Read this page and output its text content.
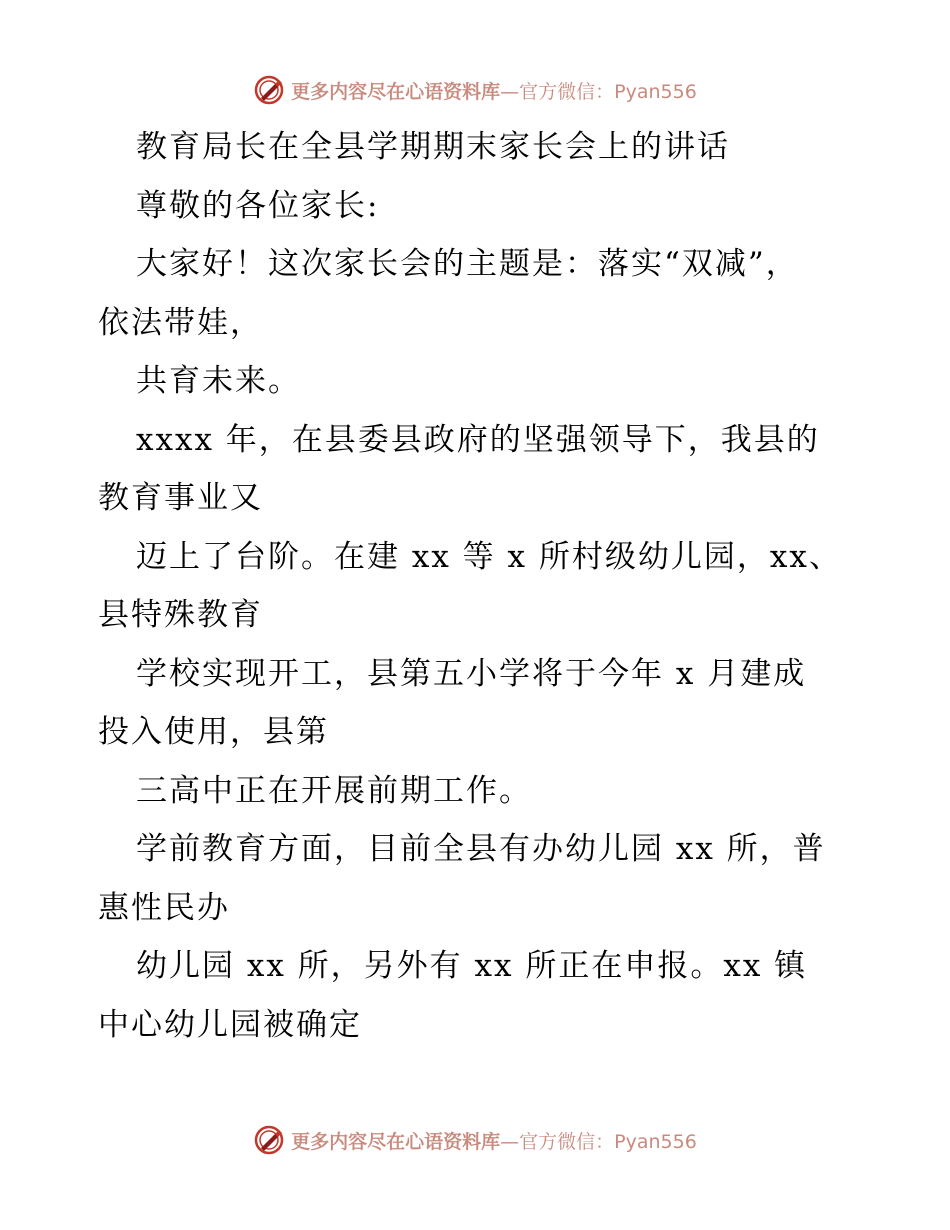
更多内容尽在心语资料库—官方微信：Pyan556
教育局长在全县学期期末家长会上的讲话
尊敬的各位家长:
大家好！这次家长会的主题是：落实“双减”，
依法带娃，
共育未来。
xxxx 年，在县委县政府的坚强领导下，我县的
教育事业又
迈上了台阶。在建 xx 等 x 所村级幼儿园，xx、
县特殊教育
学校实现开工，县第五小学将于今年 x 月建成
投入使用，县第
三高中正在开展前期工作。
学前教育方面，目前全县有办幼儿园 xx 所，普
惠性民办
幼儿园 xx 所，另外有 xx 所正在申报。xx 镇
中心幼儿园被确定
更多内容尽在心语资料库—官方微信：Pyan556
